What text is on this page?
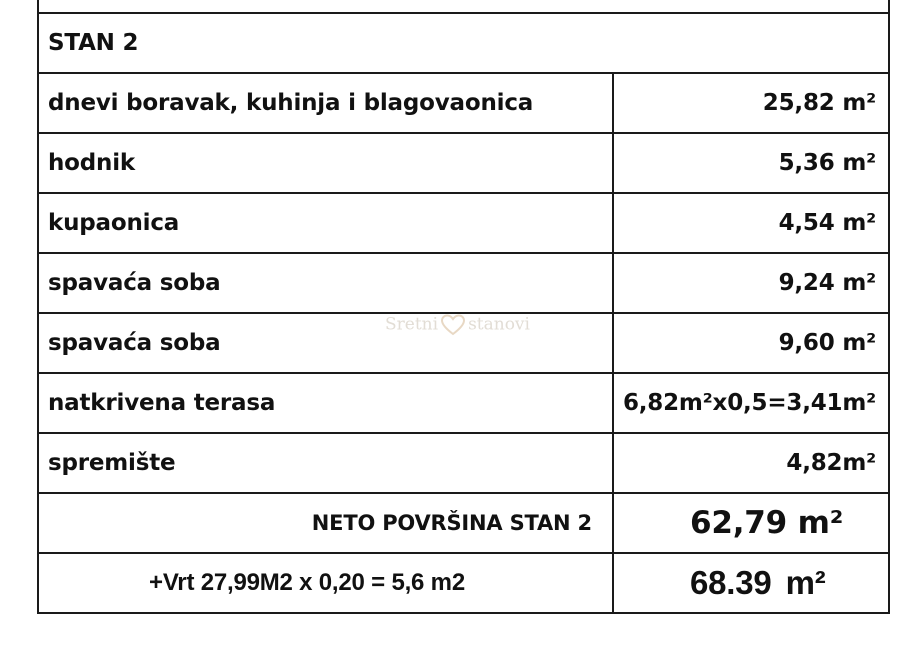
STAN 2	
dnevi boravak, kuhinja i blagovaonica	25,82 m²
hodnik	5,36 m²
kupaonica	4,54 m²
spavaća soba	9,24 m²
spavaća soba	9,60 m²
natkrivena terasa	6,82m²x0,5=3,41m²
spremište	4,82m²
NETO POVRŠINA STAN 2	62,79 m²
+Vrt 27,99M2 x 0,20 = 5,6 m2	68.39 m²
Sretni stanovi
